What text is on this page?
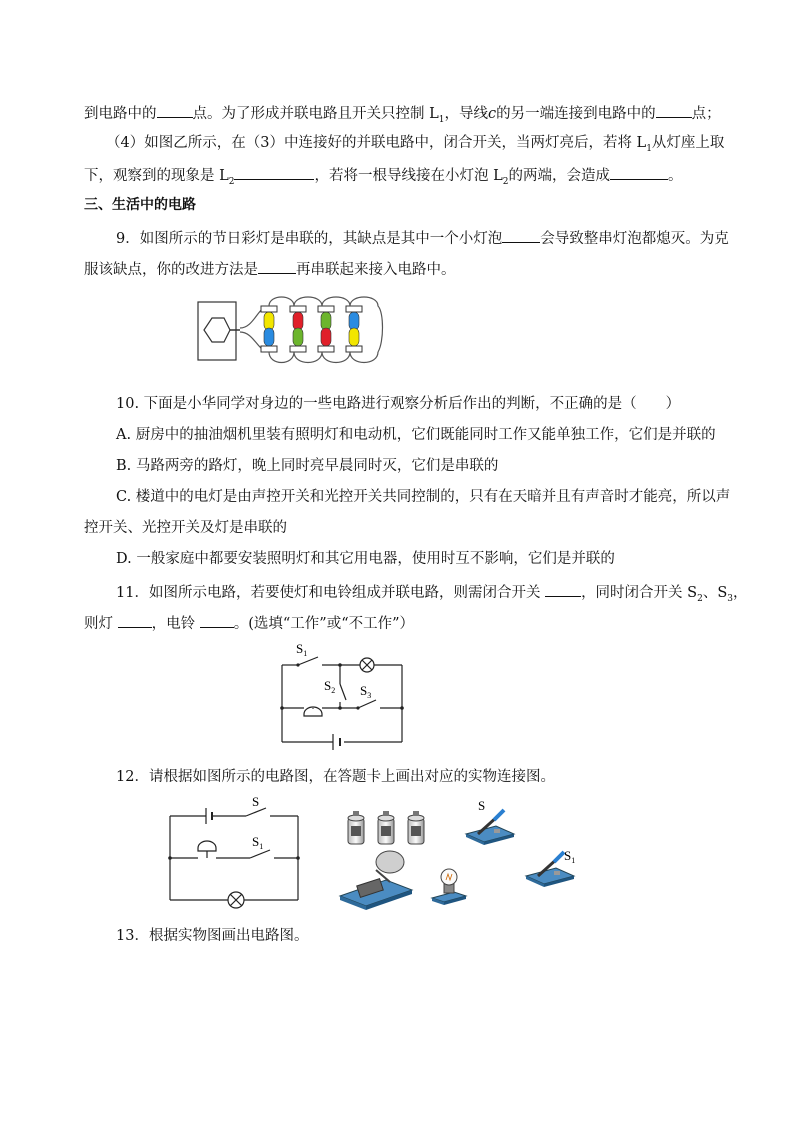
到电路中的 点。为了形成并联电路且开关只控制 $L_1$，导线c的另一端连接到电路中的 点；
（4）如图乙所示，在（3）中连接好的并联电路中，闭合开关，当两灯亮后，若将 $L_1$从灯座上取
下，观察到的现象是 $L_2$	，若将一根导线接在小灯泡 $L_2$的两端，会造成	。
三、生活中的电路
9．如图所示的节日彩灯是串联的，其缺点是其中一个小灯泡	会导致整串灯泡都熄灭。为克
服该缺点，你的改进方法是	再串联起来接入电路中。
10. 下面是小华同学对身边的一些电路进行观察分析后作出的判断，不正确的是（　　）
A. 厨房中的抽油烟机里装有照明灯和电动机，它们既能同时工作又能单独工作，它们是并联的
B. 马路两旁的路灯，晚上同时亮早晨同时灭，它们是串联的
C. 楼道中的电灯是由声控开关和光控开关共同控制的，只有在天暗并且有声音时才能亮，所以声
控开关、光控开关及灯是串联的
D. 一般家庭中都要安装照明灯和其它用电器，使用时互不影响，它们是并联的
11．如图所示电路，若要使灯和电铃组成并联电路，则需闭合开关	，同时闭合开关 $S_2$、$S_3$，
则灯	，电铃	。(选填“工作”或“不工作”）
$S_1$
$S_2$ $S_3$
12．请根据如图所示的电路图，在答题卡上画出对应的实物连接图。
S
$S_1$
S
$S_1$
13．根据实物图画出电路图。
